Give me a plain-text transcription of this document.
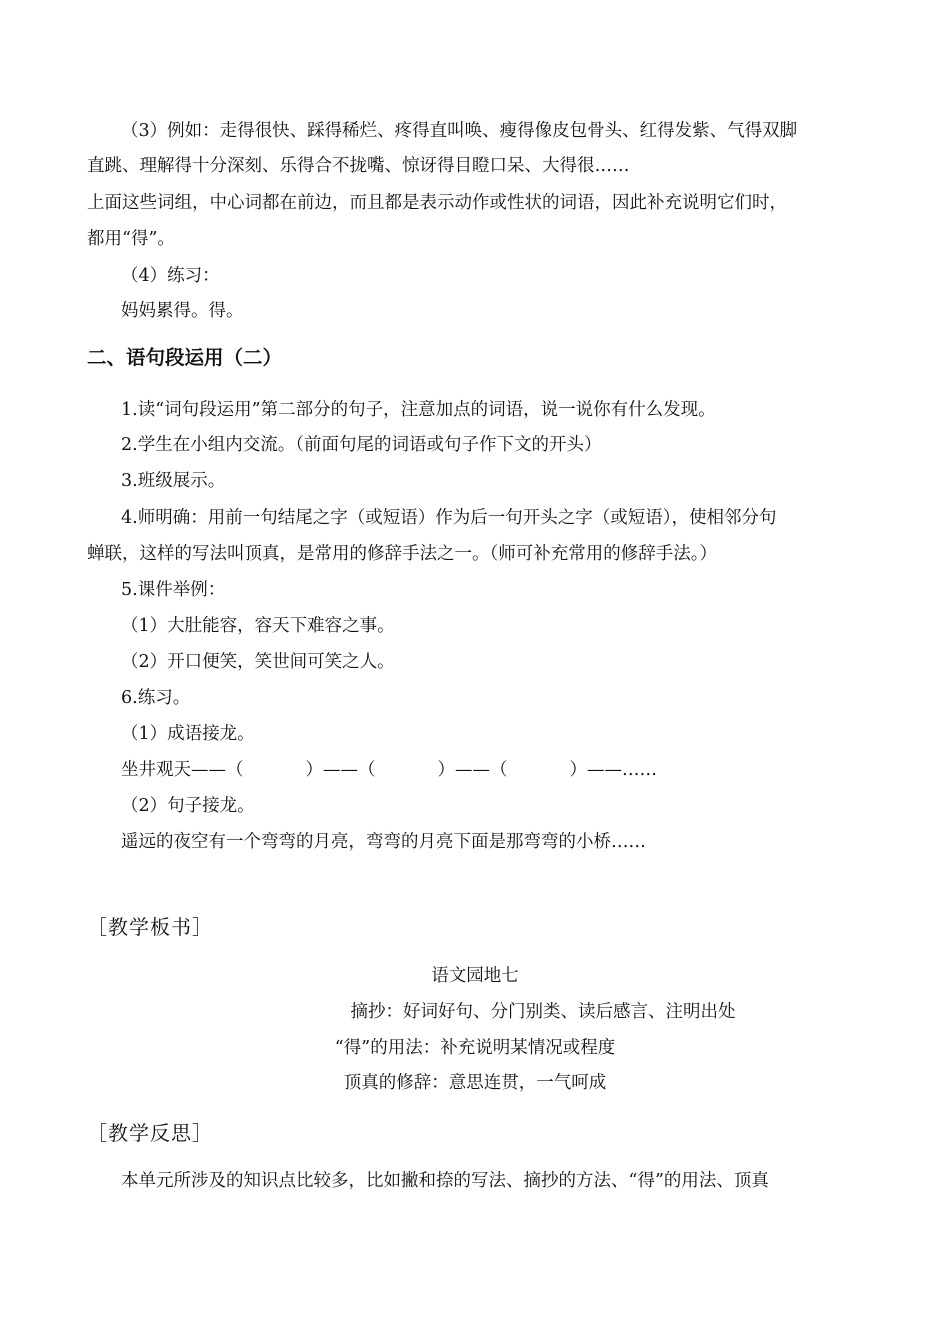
（3）例如：走得很快、踩得稀烂、疼得直叫唤、瘦得像皮包骨头、红得发紫、气得双脚
直跳、理解得十分深刻、乐得合不拢嘴、惊讶得目瞪口呆、大得很……
上面这些词组，中心词都在前边，而且都是表示动作或性状的词语，因此补充说明它们时，
都用“得”。
（4）练习：
妈妈累得。得。
二、语句段运用（二）
1.读“词句段运用”第二部分的句子，注意加点的词语，说一说你有什么发现。
2.学生在小组内交流。（前面句尾的词语或句子作下文的开头）
3.班级展示。
4.师明确：用前一句结尾之字（或短语）作为后一句开头之字（或短语），使相邻分句
蝉联，这样的写法叫顶真，是常用的修辞手法之一。（师可补充常用的修辞手法。）
5.课件举例：
（1）大肚能容，容天下难容之事。
（2）开口便笑，笑世间可笑之人。
6.练习。
（1）成语接龙。
坐井观天——（	）——（	）——（	）——……
（2）句子接龙。
遥远的夜空有一个弯弯的月亮，弯弯的月亮下面是那弯弯的小桥……
［教学板书］
语文园地七
摘抄：好词好句、分门别类、读后感言、注明出处
“得”的用法：补充说明某情况或程度
顶真的修辞：意思连贯，一气呵成
［教学反思］
本单元所涉及的知识点比较多，比如撇和捺的写法、摘抄的方法、“得”的用法、顶真
